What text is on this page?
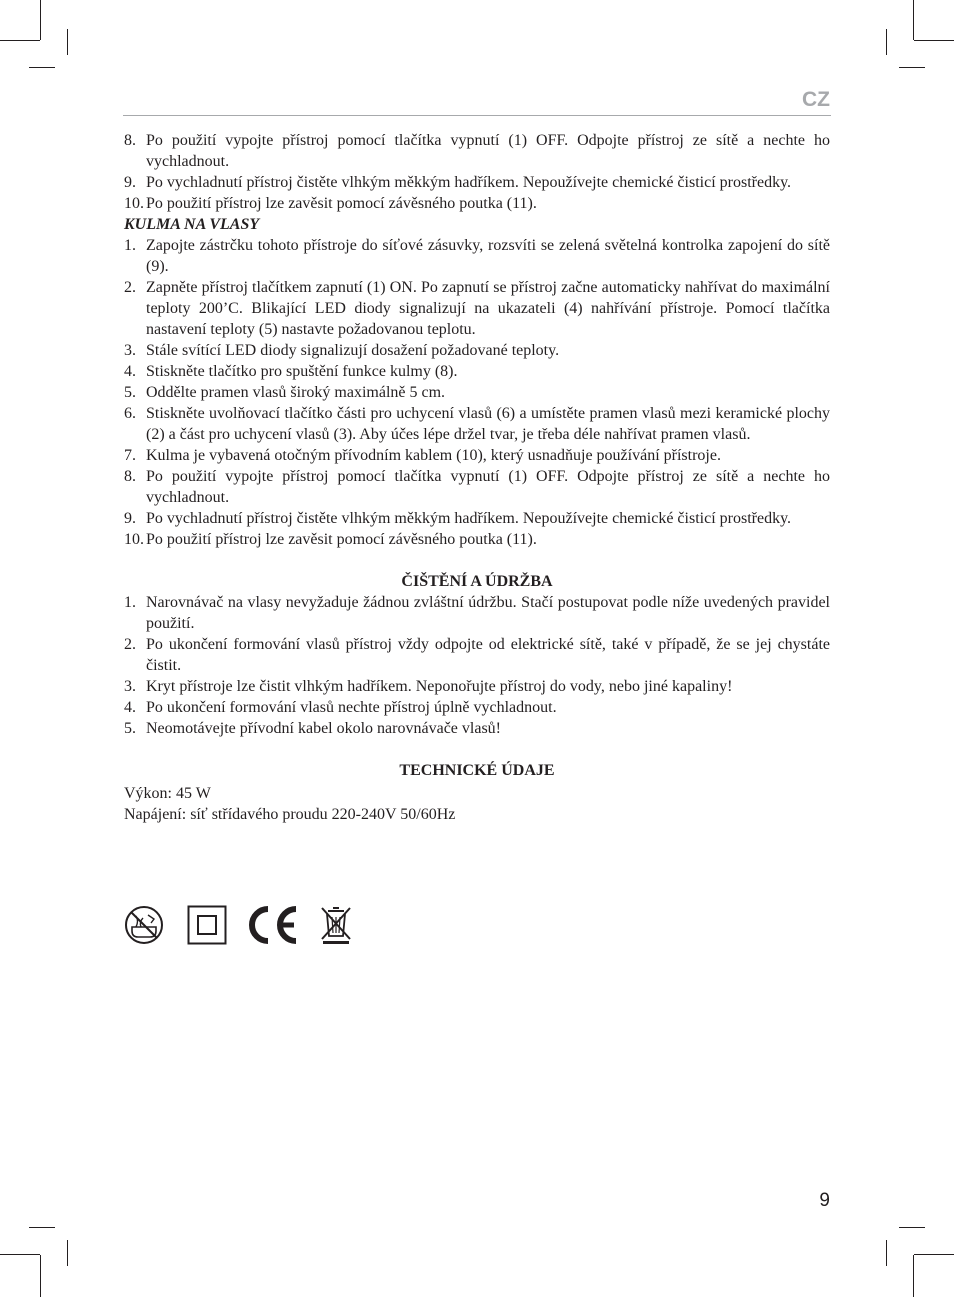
CZ
8. Po použití vypojte přístroj pomocí tlačítka vypnutí (1) OFF. Odpojte přístroj ze sítě a nechte ho vychladnout.
9. Po vychladnutí přístroj čistěte vlhkým měkkým hadříkem. Nepoužívejte chemické čisticí prostředky.
10. Po použití přístroj lze zavěsit pomocí závěsného poutka (11).
KULMA NA VLASY
1. Zapojte zástrčku tohoto přístroje do síťové zásuvky, rozsvíti se zelená světelná kontrolka zapojení do sítě (9).
2. Zapněte přístroj tlačítkem zapnutí (1) ON. Po zapnutí se přístroj začne automaticky nahřívat do maximální teploty 200’C. Blikající LED diody signalizují na ukazateli (4) nahřívání přístroje. Pomocí tlačítka nastavení teploty (5) nastavte požadovanou teplotu.
3. Stále svítící LED diody signalizují dosažení požadované teploty.
4. Stiskněte tlačítko pro spuštění funkce kulmy (8).
5. Oddělte pramen vlasů široký maximálně 5 cm.
6. Stiskněte uvolňovací tlačítko části pro uchycení vlasů (6) a umístěte pramen vlasů mezi keramické plochy (2) a část pro uchycení vlasů (3). Aby účes lépe držel tvar, je třeba déle nahřívat pramen vlasů.
7. Kulma je vybavená otočným přívodním kablem (10), který usnadňuje používání přístroje.
8. Po použití vypojte přístroj pomocí tlačítka vypnutí (1) OFF. Odpojte přístroj ze sítě a nechte ho vychladnout.
9. Po vychladnutí přístroj čistěte vlhkým měkkým hadříkem. Nepoužívejte chemické čisticí prostředky.
10. Po použití přístroj lze zavěsit pomocí závěsného poutka (11).
ČIŠTĚNÍ A ÚDRŽBA
1. Narovnávač na vlasy nevyžaduje žádnou zvláštní údržbu. Stačí postupovat podle níže uvedených pravidel použití.
2. Po ukončení formování vlasů přístroj vždy odpojte od elektrické sítě, také v případě, že se jej chystáte čistit.
3. Kryt přístroje lze čistit vlhkým hadříkem. Neponořujte přístroj do vody, nebo jiné kapaliny!
4. Po ukončení formování vlasů nechte přístroj úplně vychladnout.
5. Neomotávejte přívodní kabel okolo narovnávače vlasů!
TECHNICKÉ ÚDAJE

Výkon: 45 W

Napájení: síť střídavého proudu 220-240V 50/60Hz

9
